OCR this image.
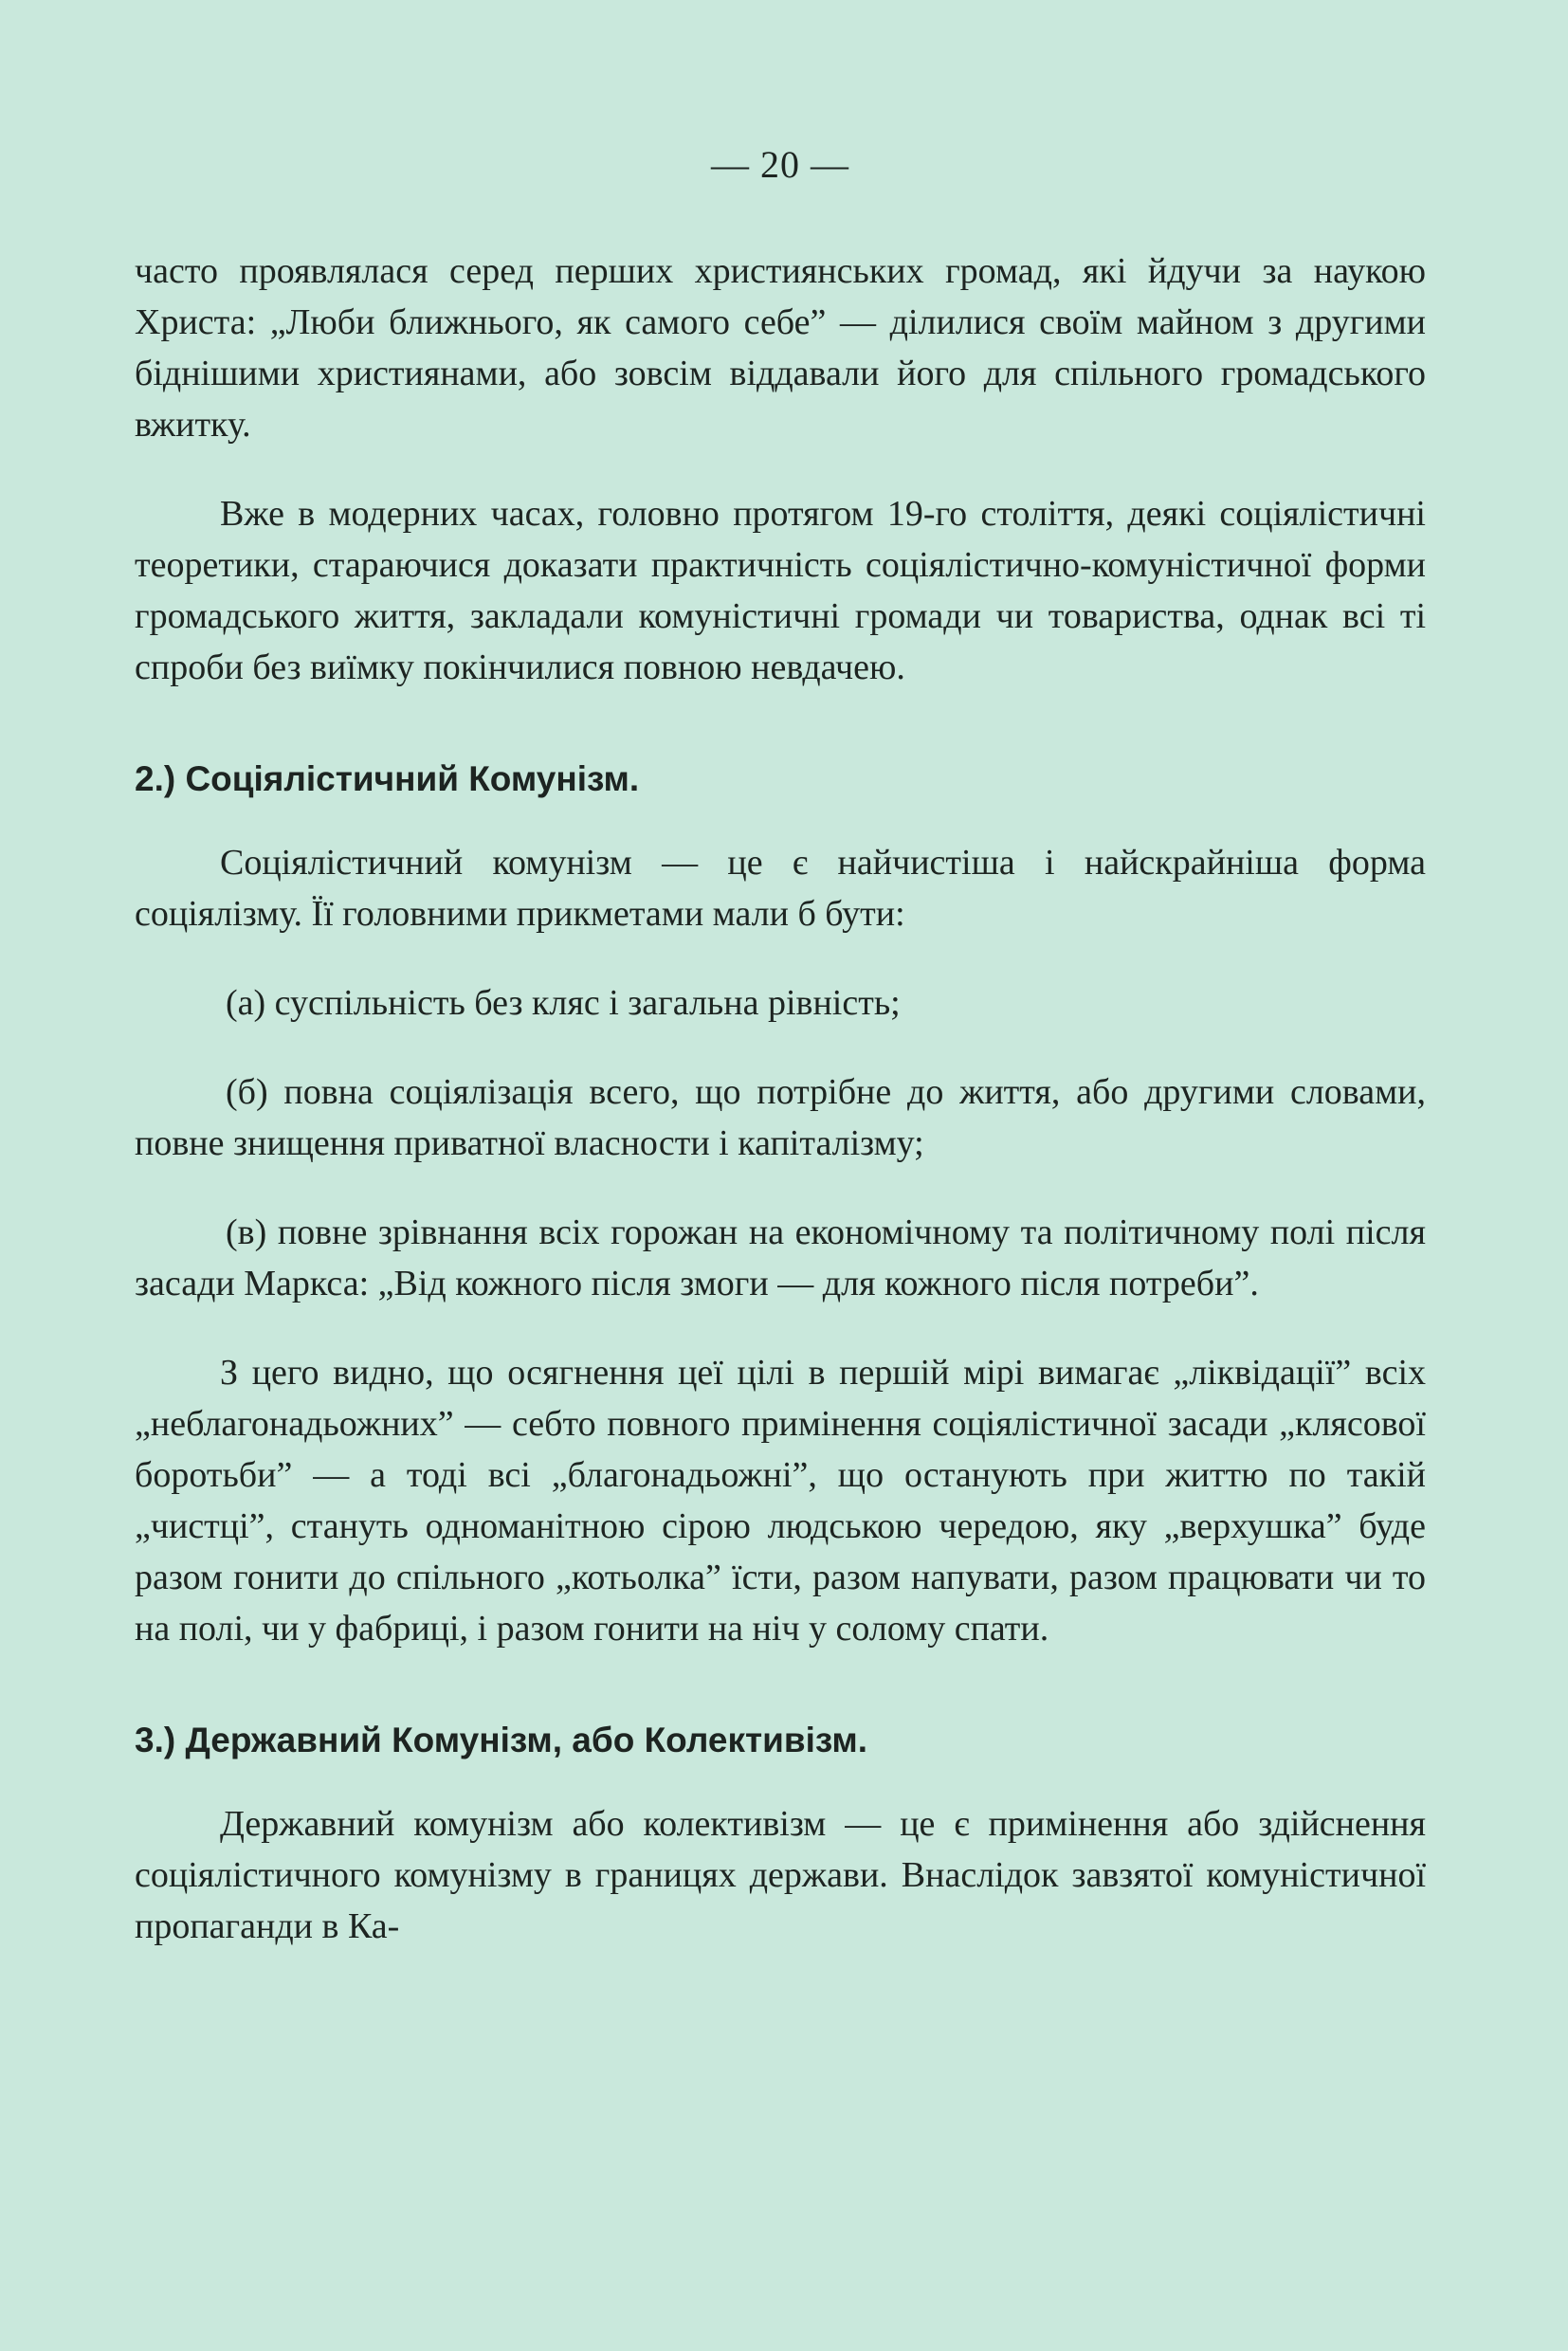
— 20 —

часто проявлялася серед перших християнських громад, які йдучи за наукою Христа: „Люби ближнього, як самого себе” — ділилися своїм майном з другими біднішими християнами, або зовсім віддавали його для спільного громадського вжитку.

Вже в модерних часах, головно протягом 19-го століття, деякі соціялістичні теоретики, стараючися доказати практичність соціялістично-комуністичної форми громадського життя, закладали комуністичні громади чи товариства, однак всі ті спроби без виїмку покінчилися повною невдачею.

2.) Соціялістичний Комунізм.

Соціялістичний комунізм — це є найчистіша і найскрайніша форма соціялізму. Її головними прикметами мали б бути:

(а) суспільність без кляс і загальна рівність;

(б) повна соціялізація всего, що потрібне до життя, або другими словами, повне знищення приватної власности і капіталізму;

(в) повне зрівнання всіх горожан на економічному та політичному полі після засади Маркса: „Від кожного після змоги — для кожного після потреби”.

З цего видно, що осягнення цеї цілі в першій мірі вимагає „ліквідації” всіх „неблагонадьожних” — себто повного примінення соціялістичної засади „клясової боротьби” — а тоді всі „благонадьожні”, що останують при життю по такій „чистці”, стануть одноманітною сірою людською чередою, яку „верхушка” буде разом гонити до спільного „котьолка” їсти, разом напувати, разом працювати чи то на полі, чи у фабриці, і разом гонити на ніч у солому спати.

3.) Державний Комунізм, або Колективізм.

Державний комунізм або колективізм — це є примінення або здійснення соціялістичного комунізму в границях держави. Внаслідок завзятої комуністичної пропаганди в Ка-
